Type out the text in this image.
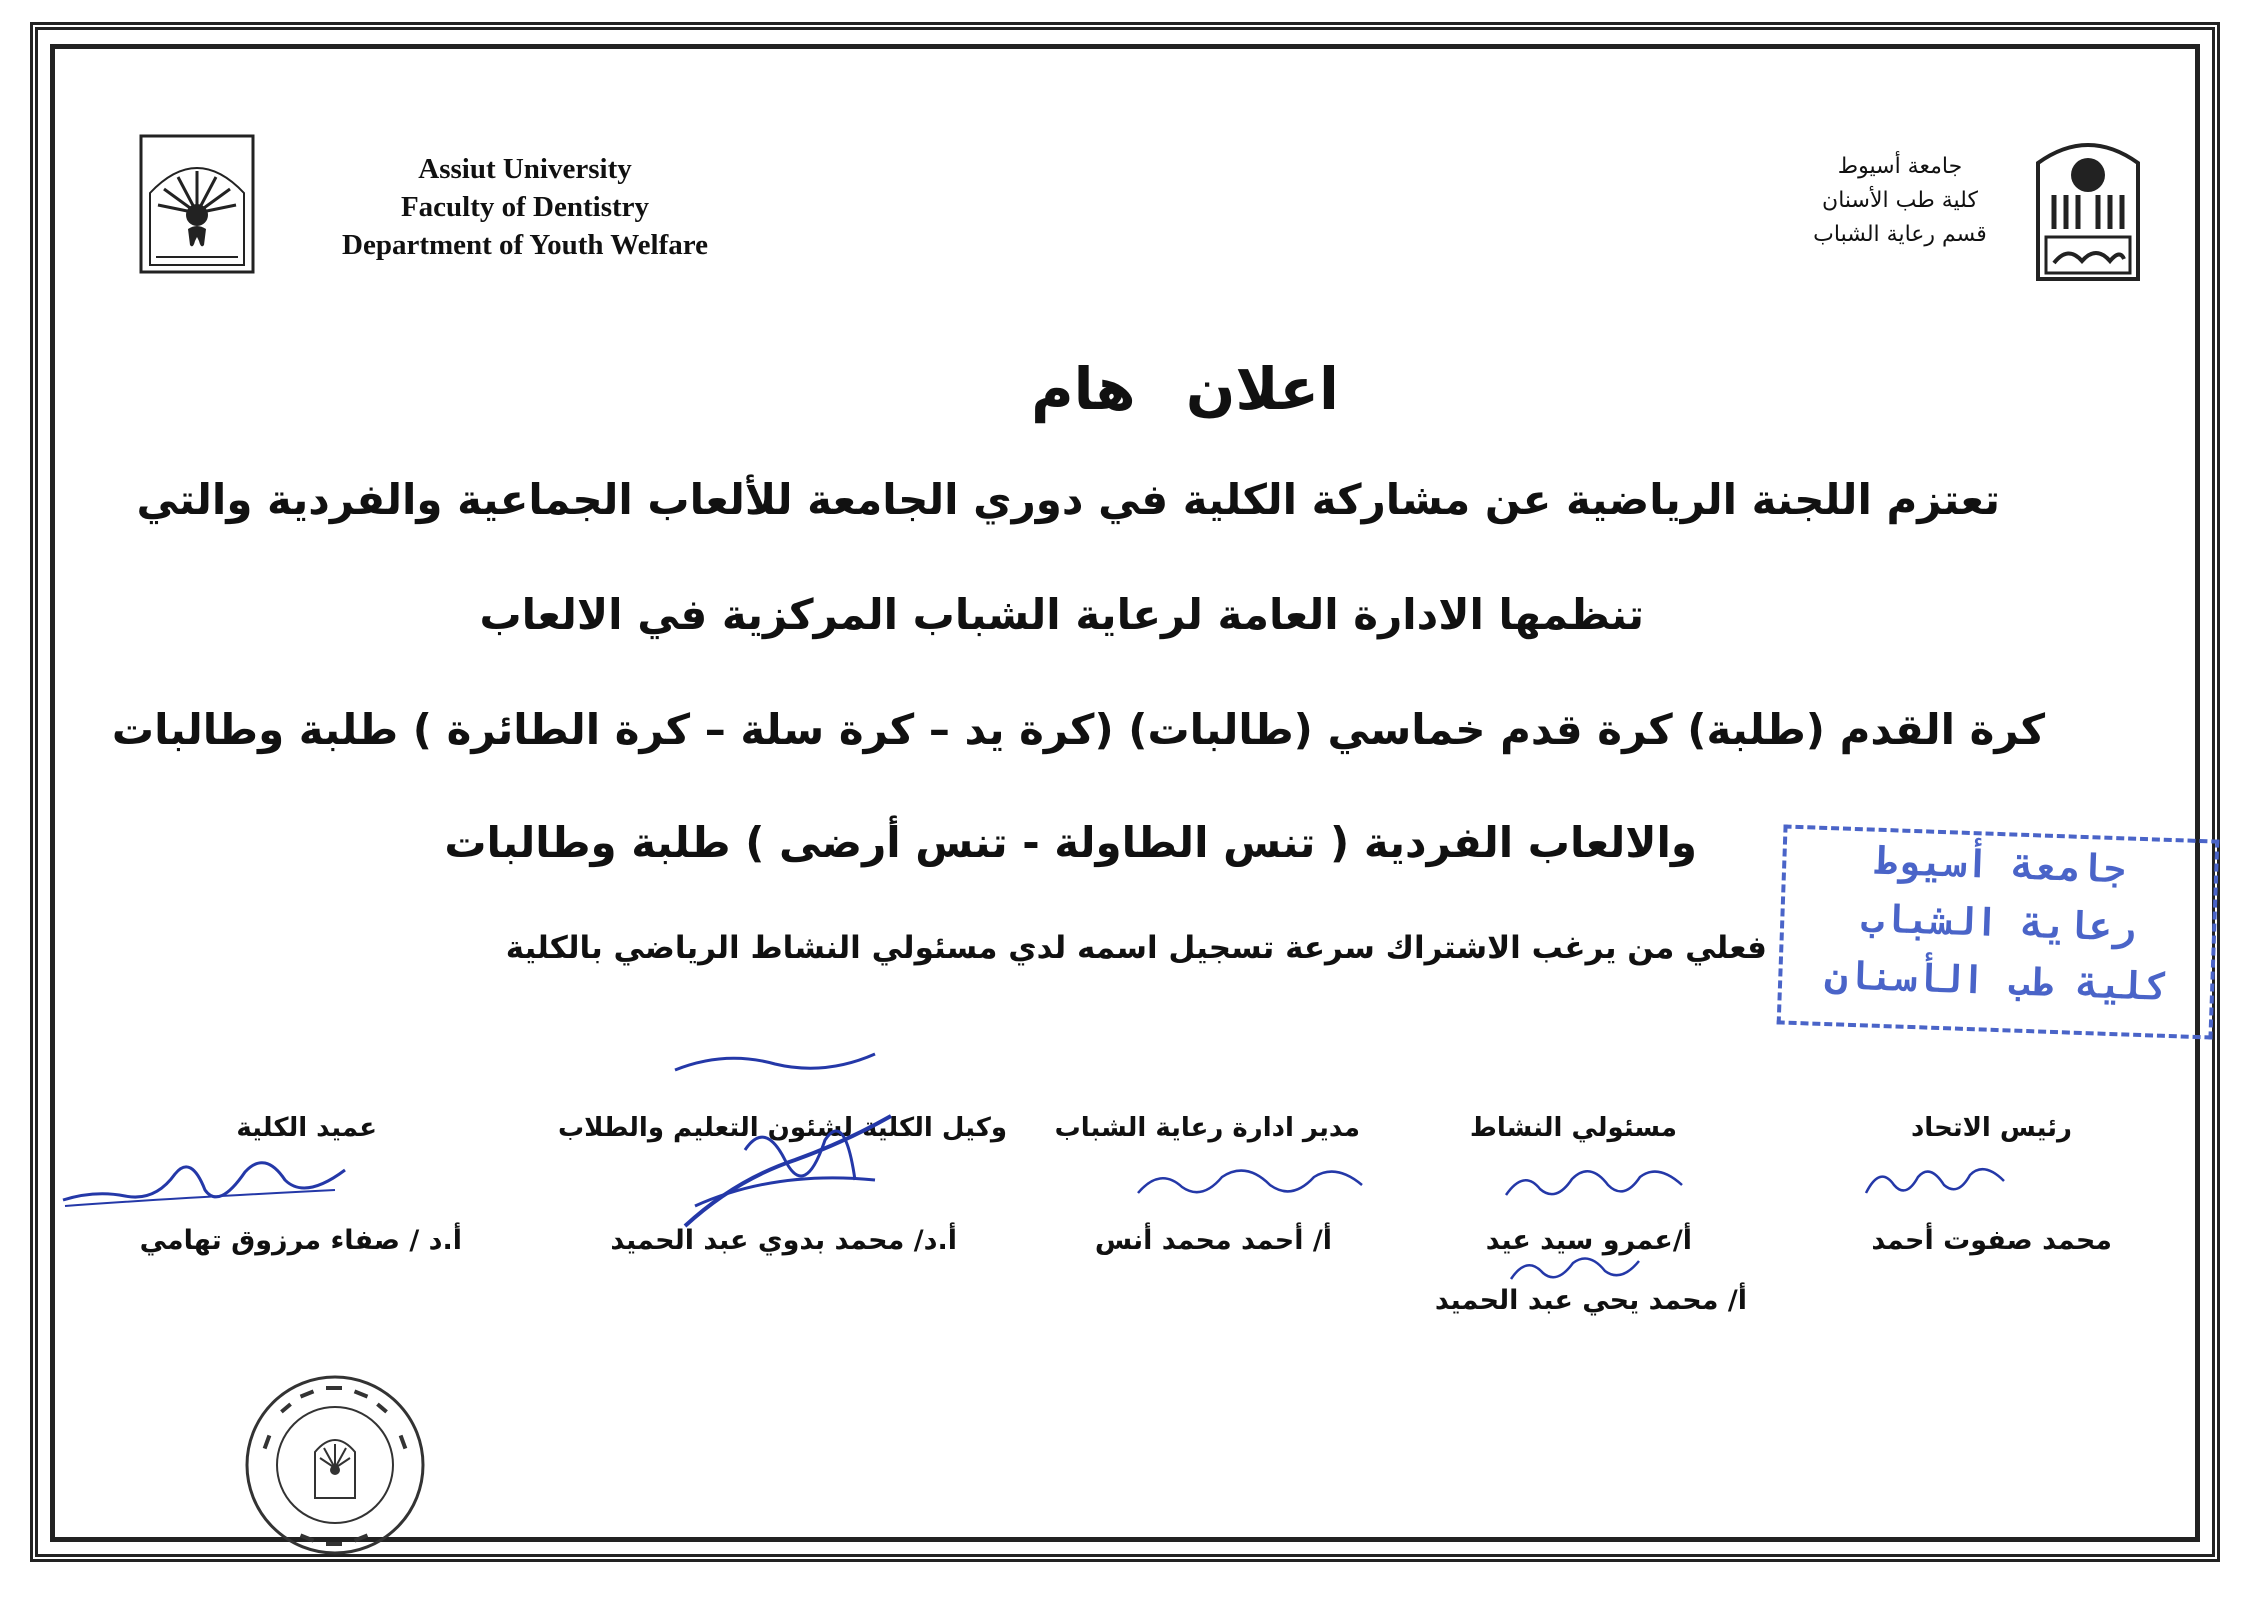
Assiut University
Faculty of Dentistry
Department of Youth Welfare
جامعة أسيوط
كلية طب الأسنان
قسم رعاية الشباب
اعلان هام
تعتزم اللجنة الرياضية عن مشاركة الكلية في دوري الجامعة للألعاب الجماعية والفردية والتي
تنظمها الادارة العامة لرعاية الشباب المركزية في الالعاب
كرة القدم (طلبة) كرة قدم خماسي (طالبات) (كرة يد – كرة سلة – كرة الطائرة ) طلبة وطالبات
والالعاب الفردية ( تنس الطاولة - تنس أرضى ) طلبة وطالبات
فعلي من يرغب الاشتراك سرعة تسجيل اسمه لدي مسئولي النشاط الرياضي بالكلية
جامعة أسيوط
رعاية الشباب
كلية طب الأسنان
رئيس الاتحاد
مسئولي النشاط
مدير ادارة رعاية الشباب
وكيل الكلية لشئون التعليم والطلاب
عميد الكلية
محمد صفوت أحمد
أ/عمرو سيد عيد
أ/ محمد يحي عبد الحميد
أ/ أحمد محمد أنس
أ.د/ محمد بدوي عبد الحميد
أ.د / صفاء مرزوق تهامي
